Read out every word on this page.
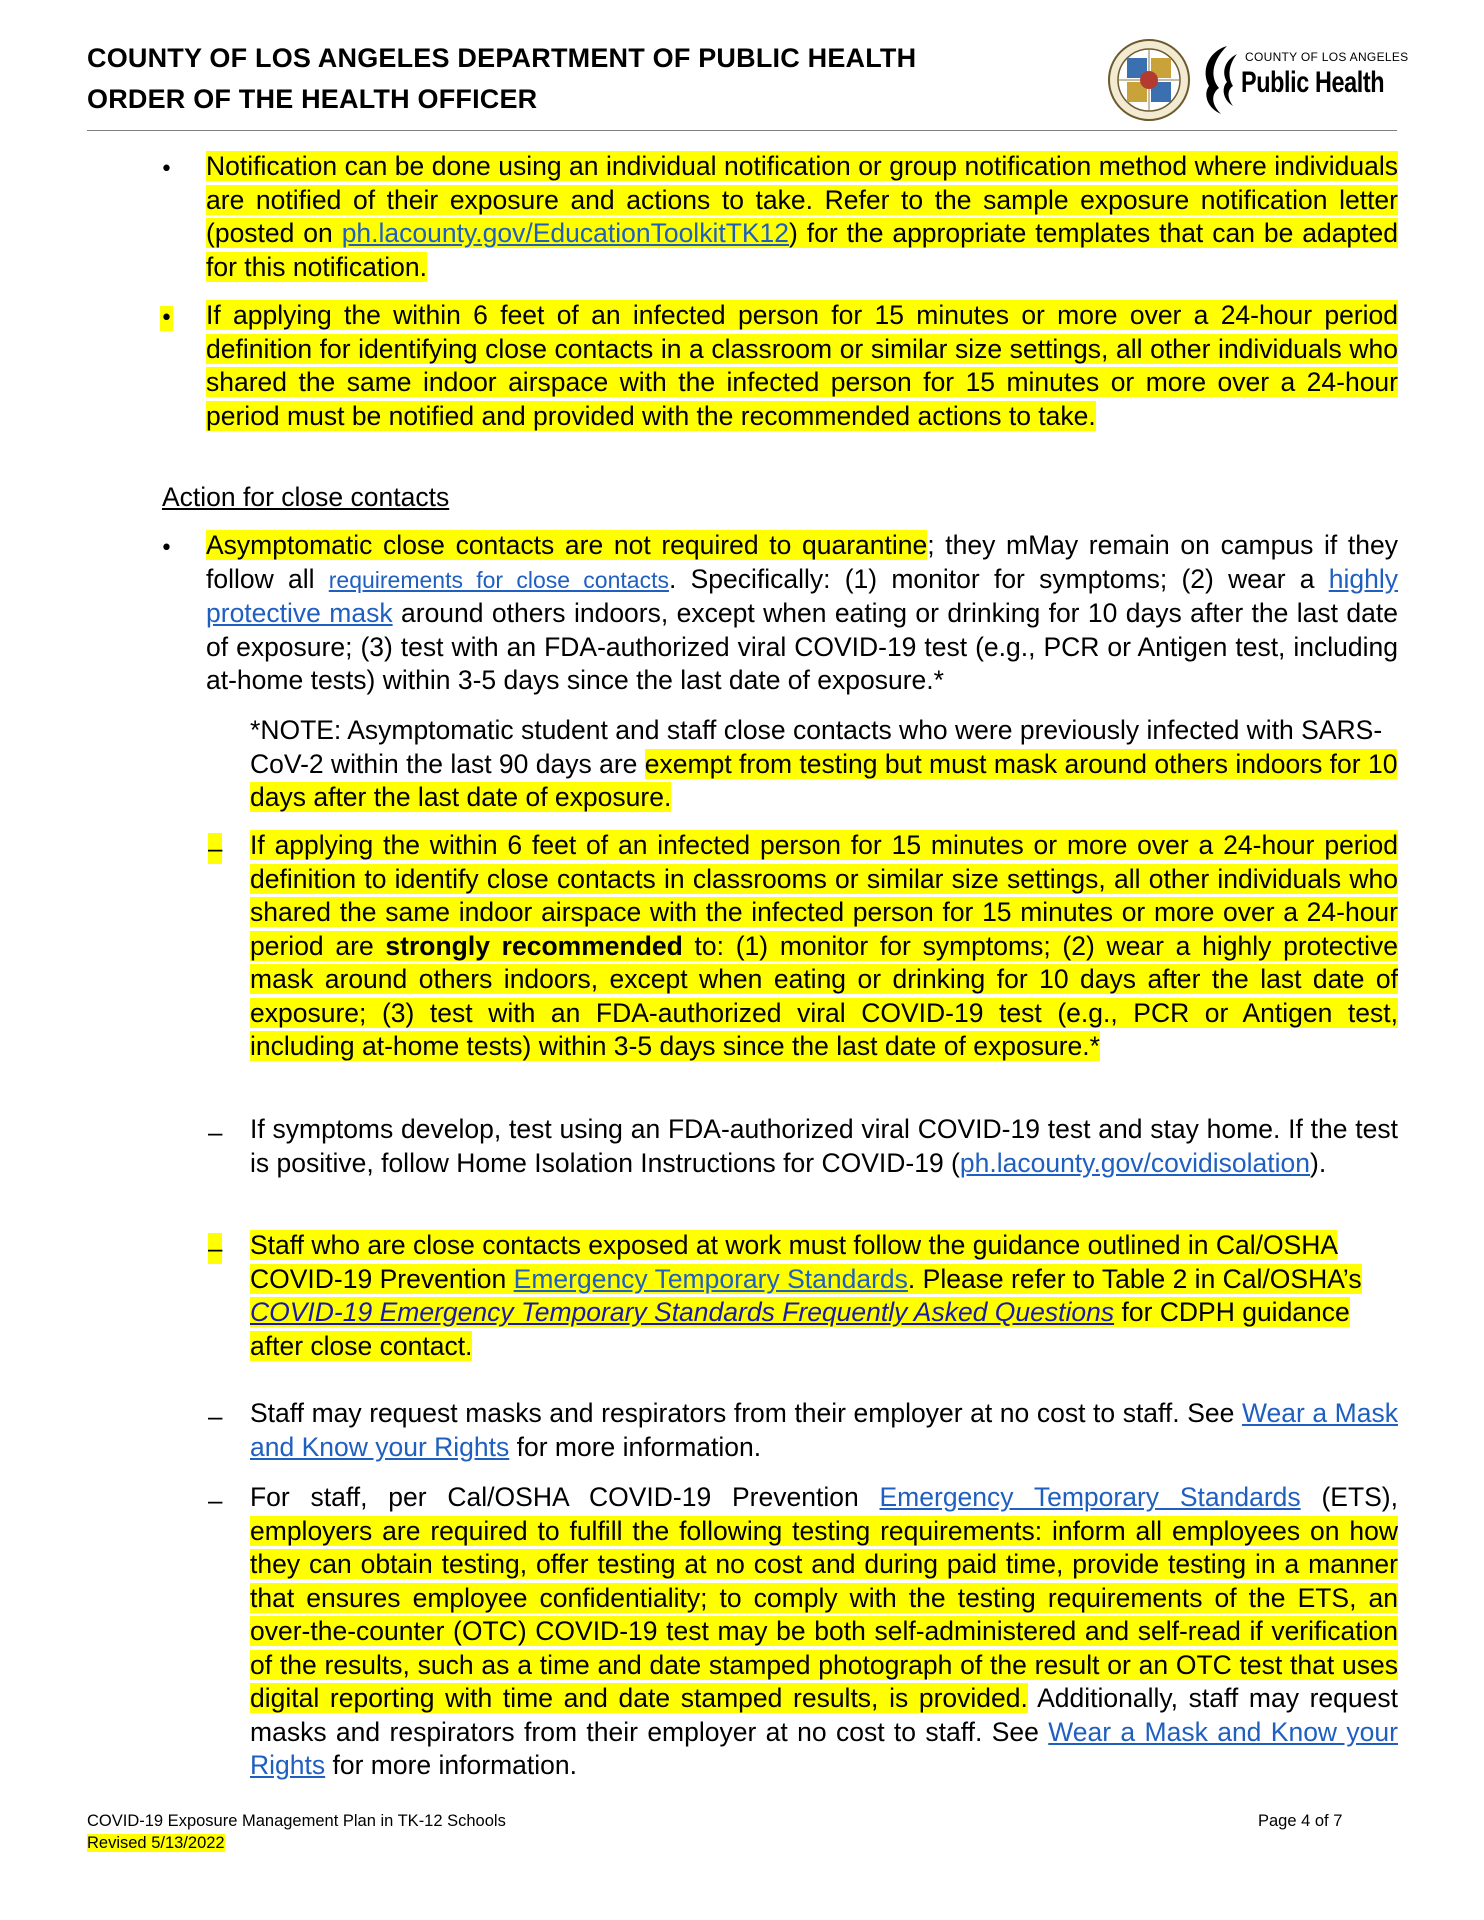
COUNTY OF LOS ANGELES DEPARTMENT OF PUBLIC HEALTH
ORDER OF THE HEALTH OFFICER
COUNTY OF LOS ANGELES
Public Health
• Notification can be done using an individual notification or group notification method where individuals are notified of their exposure and actions to take. Refer to the sample exposure notification letter (posted on ph.lacounty.gov/EducationToolkitTK12) for the appropriate templates that can be adapted for this notification.
• If applying the within 6 feet of an infected person for 15 minutes or more over a 24-hour period definition for identifying close contacts in a classroom or similar size settings, all other individuals who shared the same indoor airspace with the infected person for 15 minutes or more over a 24-hour period must be notified and provided with the recommended actions to take.
Action for close contacts
• Asymptomatic close contacts are not required to quarantine; they mMay remain on campus if they follow all requirements for close contacts. Specifically: (1) monitor for symptoms; (2) wear a highly protective mask around others indoors, except when eating or drinking for 10 days after the last date of exposure; (3) test with an FDA-authorized viral COVID-19 test (e.g., PCR or Antigen test, including at-home tests) within 3-5 days since the last date of exposure.*
*NOTE: Asymptomatic student and staff close contacts who were previously infected with SARS-CoV-2 within the last 90 days are exempt from testing but must mask around others indoors for 10 days after the last date of exposure.
– If applying the within 6 feet of an infected person for 15 minutes or more over a 24-hour period definition to identify close contacts in classrooms or similar size settings, all other individuals who shared the same indoor airspace with the infected person for 15 minutes or more over a 24-hour period are strongly recommended to: (1) monitor for symptoms; (2) wear a highly protective mask around others indoors, except when eating or drinking for 10 days after the last date of exposure; (3) test with an FDA-authorized viral COVID-19 test (e.g., PCR or Antigen test, including at-home tests) within 3-5 days since the last date of exposure.*
– If symptoms develop, test using an FDA-authorized viral COVID-19 test and stay home. If the test is positive, follow Home Isolation Instructions for COVID-19 (ph.lacounty.gov/covidisolation).
– Staff who are close contacts exposed at work must follow the guidance outlined in Cal/OSHA COVID-19 Prevention Emergency Temporary Standards. Please refer to Table 2 in Cal/OSHA’s COVID-19 Emergency Temporary Standards Frequently Asked Questions for CDPH guidance after close contact.
– Staff may request masks and respirators from their employer at no cost to staff. See Wear a Mask and Know your Rights for more information.
– For staff, per Cal/OSHA COVID-19 Prevention Emergency Temporary Standards (ETS), employers are required to fulfill the following testing requirements: inform all employees on how they can obtain testing, offer testing at no cost and during paid time, provide testing in a manner that ensures employee confidentiality; to comply with the testing requirements of the ETS, an over-the-counter (OTC) COVID-19 test may be both self-administered and self-read if verification of the results, such as a time and date stamped photograph of the result or an OTC test that uses digital reporting with time and date stamped results, is provided. Additionally, staff may request masks and respirators from their employer at no cost to staff. See Wear a Mask and Know your Rights for more information.
COVID-19 Exposure Management Plan in TK-12 Schools
Revised 5/13/2022
Page 4 of 7
